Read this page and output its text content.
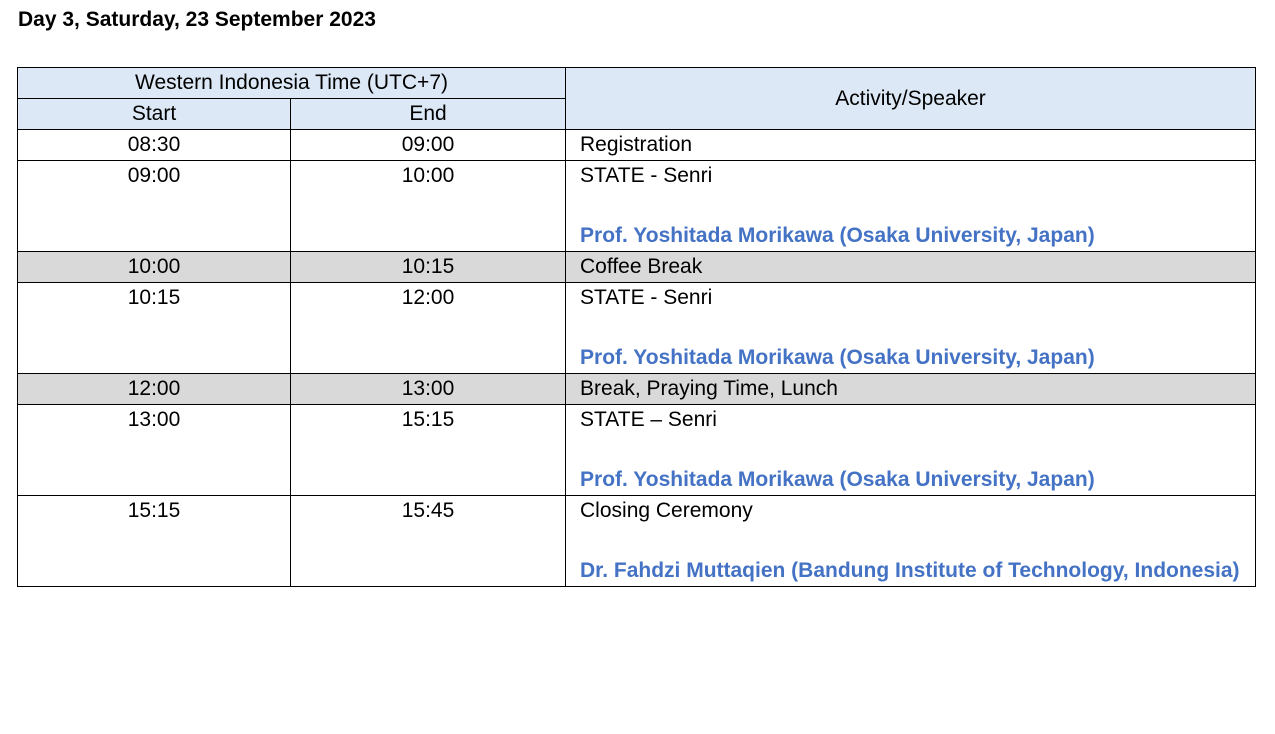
Day 3, Saturday, 23 September 2023
Western Indonesia Time (UTC+7)		Activity/Speaker
Start	End	
08:30	09:00	Registration
09:00	10:00	STATE - Senri
Prof. Yoshitada Morikawa (Osaka University, Japan)

10:00	10:15	Coffee Break
10:15	12:00	STATE - Senri
Prof. Yoshitada Morikawa (Osaka University, Japan)

12:00	13:00	Break, Praying Time, Lunch
13:00	15:15	STATE – Senri
Prof. Yoshitada Morikawa (Osaka University, Japan)

15:15	15:45	Closing Ceremony
Dr. Fahdzi Muttaqien (Bandung Institute of Technology, Indonesia)
